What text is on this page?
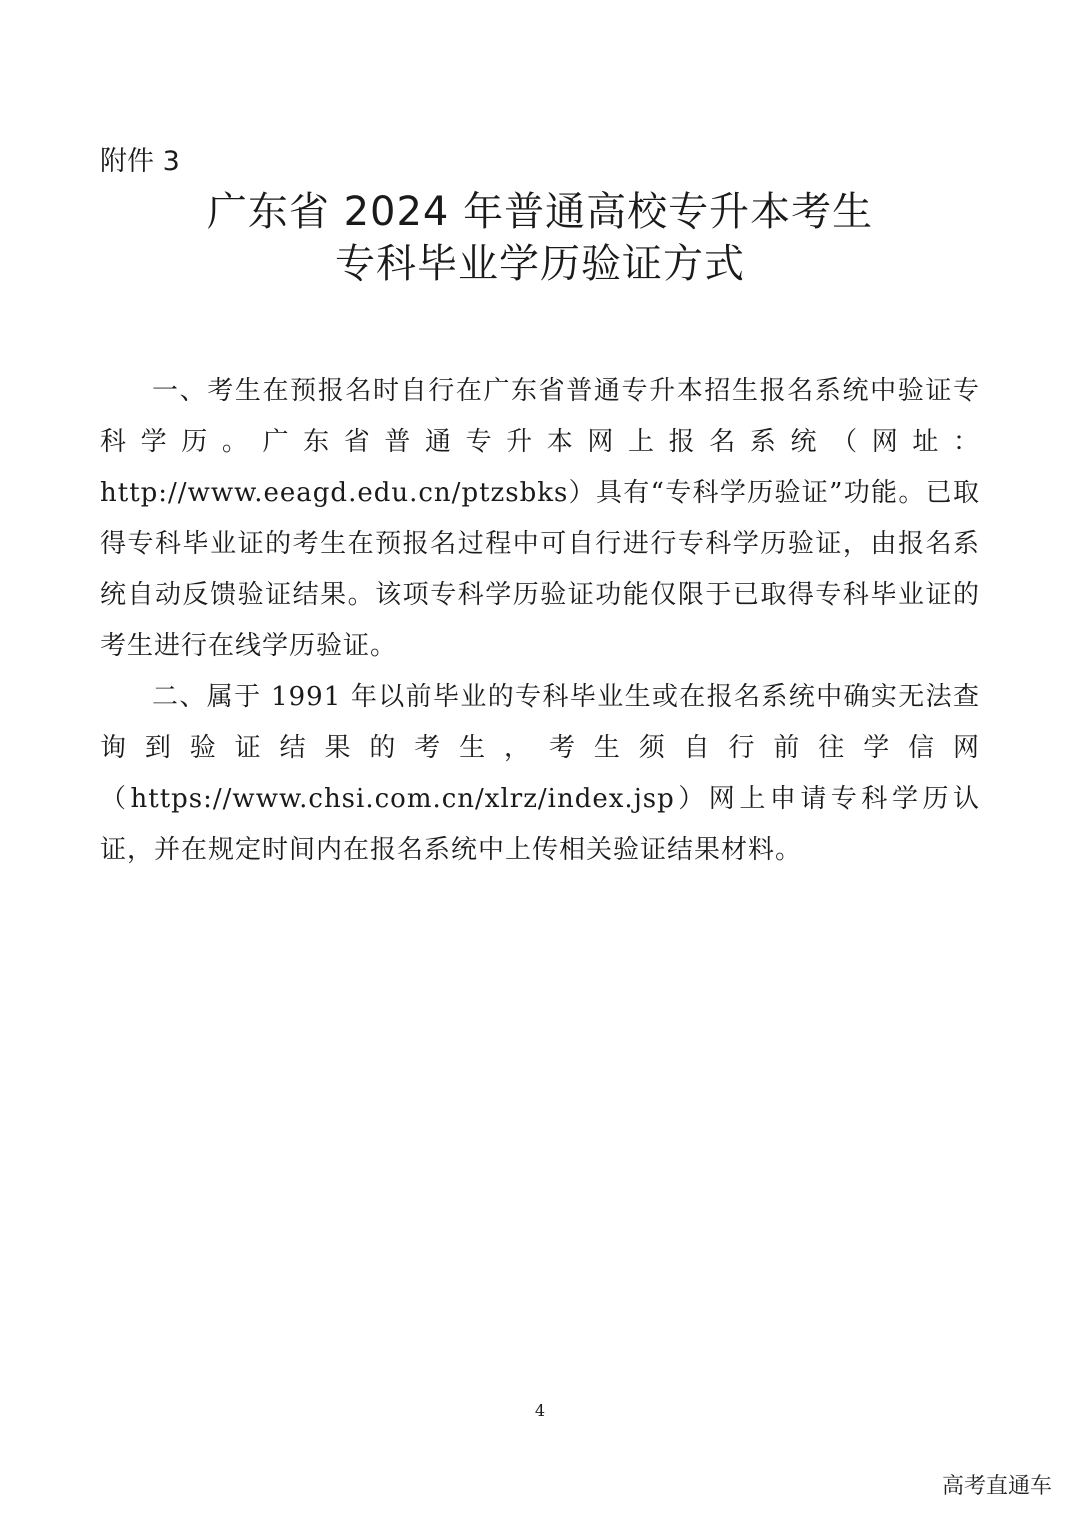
附件 3
广东省 2024 年普通高校专升本考生
专科毕业学历验证方式

一、考生在预报名时自行在广东省普通专升本招生报名系统中验证专科学历。广东省普通专升本网上报名系统（网址：http://www.eeagd.edu.cn/ptzsbks）具有“专科学历验证”功能。已取得专科毕业证的考生在预报名过程中可自行进行专科学历验证，由报名系统自动反馈验证结果。该项专科学历验证功能仅限于已取得专科毕业证的考生进行在线学历验证。

二、属于 1991 年以前毕业的专科毕业生或在报名系统中确实无法查询到验证结果的考生，考生须自行前往学信网（https://www.chsi.com.cn/xlrz/index.jsp）网上申请专科学历认证，并在规定时间内在报名系统中上传相关验证结果材料。

4
高考直通车
